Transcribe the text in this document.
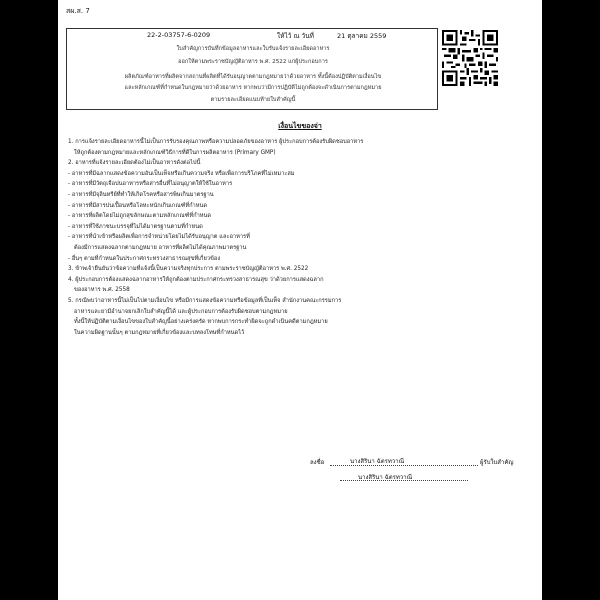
สผ.ส. 7
22-2-03757-6-0209	ให้ไว้ ณ วันที่	21 ตุลาคม 2559
ใบสำคัญการบันทึกข้อมูลอาหารและใบรับแจ้งรายละเอียดอาหาร
ออกให้ตามพระราชบัญญัติอาหาร พ.ศ. 2522 แก่ผู้ประกอบการ
ผลิตภัณฑ์อาหารที่ผลิตจากสถานที่ผลิตที่ได้รับอนุญาตตามกฎหมายว่าด้วยอาหาร ทั้งนี้ต้องปฏิบัติตามเงื่อนไข
และหลักเกณฑ์ที่กำหนดในกฎหมายว่าด้วยอาหาร หากพบว่ามีการปฏิบัติไม่ถูกต้องจะดำเนินการตามกฎหมาย
ตามรายละเอียดแนบท้ายใบสำคัญนี้
เงื่อนไขของจ่า

1. การแจ้งรายละเอียดอาหารนี้ไม่เป็นการรับรองคุณภาพหรือความปลอดภัยของอาหาร ผู้ประกอบการต้องรับผิดชอบอาหาร

ให้ถูกต้องตามกฎหมายและหลักเกณฑ์วิธีการที่ดีในการผลิตอาหาร (Primary GMP)

2. อาหารที่แจ้งรายละเอียดต้องไม่เป็นอาหารดังต่อไปนี้

- อาหารที่มีฉลากแสดงข้อความอันเป็นเท็จหรือเกินความจริง หรือเพื่อการบริโภคที่ไม่เหมาะสม

- อาหารที่มีวัตถุเจือปนอาหารหรือสารอื่นที่ไม่อนุญาตให้ใช้ในอาหาร

- อาหารที่มีจุลินทรีย์ที่ทำให้เกิดโรคหรือสารพิษเกินมาตรฐาน

- อาหารที่มีสารปนเปื้อนหรือโลหะหนักเกินเกณฑ์ที่กำหนด

- อาหารที่ผลิตโดยไม่ถูกสุขลักษณะตามหลักเกณฑ์ที่กำหนด

- อาหารที่ใช้ภาชนะบรรจุที่ไม่ได้มาตรฐานตามที่กำหนด

- อาหารที่นำเข้าหรือผลิตเพื่อการจำหน่ายโดยไม่ได้รับอนุญาต และอาหารที่

ต้องมีการแสดงฉลากตามกฎหมาย อาหารที่ผลิตไม่ได้คุณภาพมาตรฐาน

- อื่นๆ ตามที่กำหนดในประกาศกระทรวงสาธารณสุขที่เกี่ยวข้อง

3. ข้าพเจ้ายืนยันว่าข้อความที่แจ้งนี้เป็นความจริงทุกประการ ตามพระราชบัญญัติอาหาร พ.ศ. 2522

4. ผู้ประกอบการต้องแสดงฉลากอาหารให้ถูกต้องตามประกาศกระทรวงสาธารณสุข ว่าด้วยการแสดงฉลาก

ของอาหาร พ.ศ. 2558

5. กรณีพบว่าอาหารนี้ไม่เป็นไปตามเงื่อนไข หรือมีการแสดงข้อความหรือข้อมูลที่เป็นเท็จ สำนักงานคณะกรรมการ

อาหารและยามีอำนาจยกเลิกใบสำคัญนี้ได้ และผู้ประกอบการต้องรับผิดชอบตามกฎหมาย

ทั้งนี้ให้ปฏิบัติตามเงื่อนไขของใบสำคัญนี้อย่างเคร่งครัด หากพบการกระทำผิดจะถูกดำเนินคดีตามกฎหมาย

ในความผิดฐานนั้นๆ ตามกฎหมายที่เกี่ยวข้องและบทลงโทษที่กำหนดไว้

ลงชื่อ	นางสิรินา ฉัตรทวาณี	ผู้รับใบสำคัญ
นางสิรินา ฉัตรทวาณี
